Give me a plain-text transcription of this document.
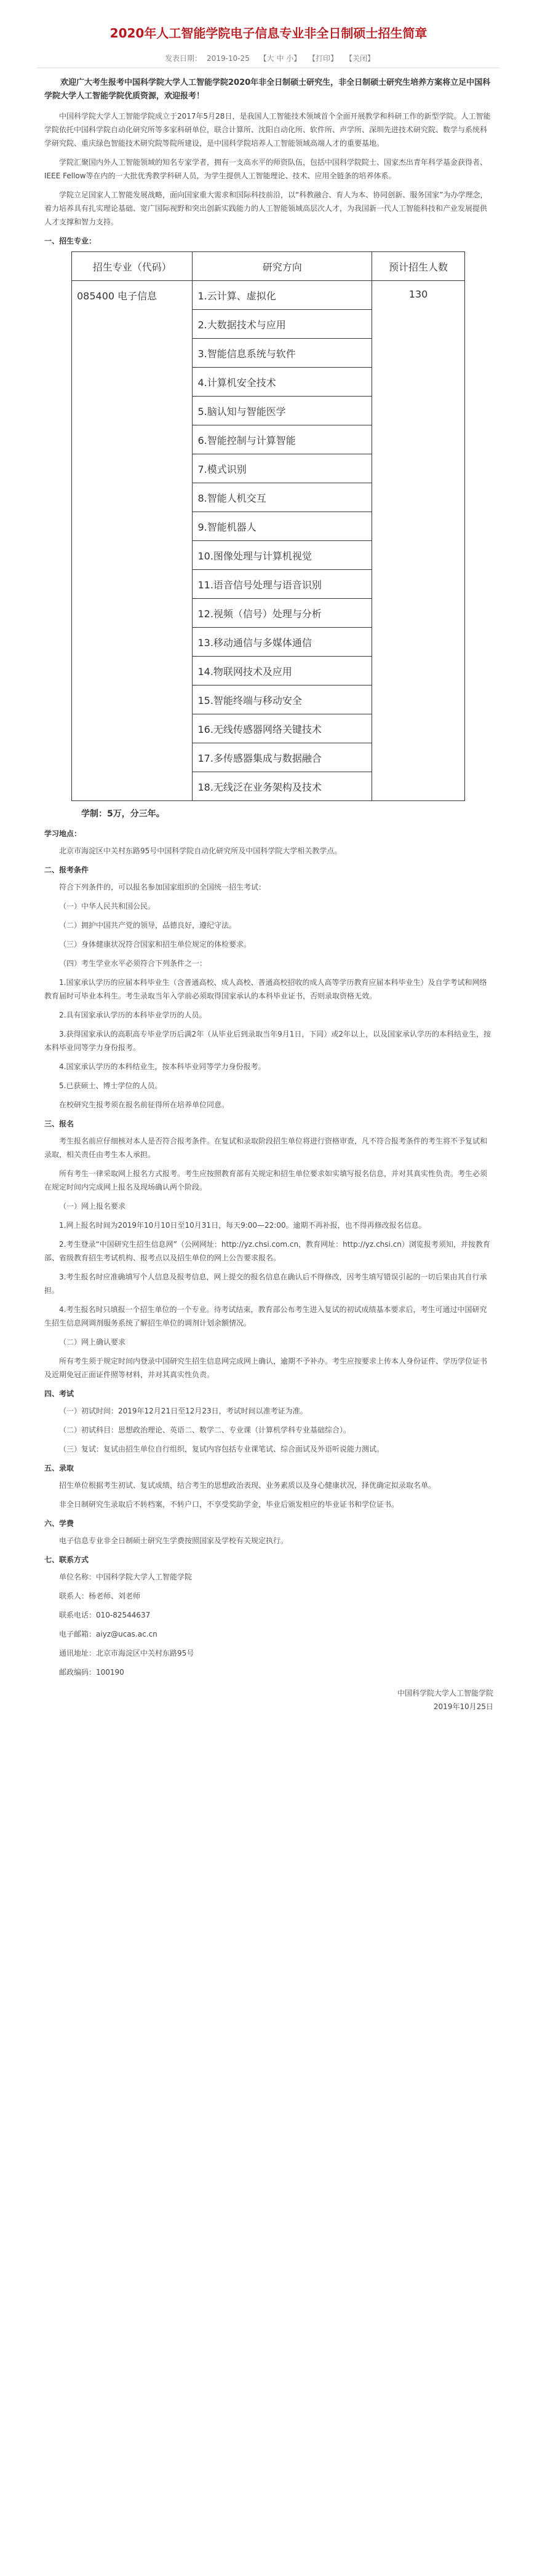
2020年人工智能学院电子信息专业非全日制硕士招生简章
发表日期： 2019-10-25 【大 中 小】 【打印】 【关闭】

欢迎广大考生报考中国科学院大学人工智能学院2020年非全日制硕士研究生，非全日制硕士研究生培养方案将立足中国科学院大学人工智能学院优质资源，欢迎报考！

中国科学院大学人工智能学院成立于2017年5月28日，是我国人工智能技术领域首个全面开展教学和科研工作的新型学院。人工智能学院依托中国科学院自动化研究所等多家科研单位，联合计算所、沈阳自动化所、软件所、声学所、深圳先进技术研究院、数学与系统科学研究院、重庆绿色智能技术研究院等院所建设，是中国科学院培养人工智能领域高端人才的重要基地。

学院汇聚国内外人工智能领域的知名专家学者，拥有一支高水平的师资队伍，包括中国科学院院士、国家杰出青年科学基金获得者、IEEE Fellow等在内的一大批优秀教学科研人员，为学生提供人工智能理论、技术、应用全链条的培养体系。

学院立足国家人工智能发展战略，面向国家重大需求和国际科技前沿，以“科教融合、育人为本、协同创新、服务国家”为办学理念，着力培养具有扎实理论基础、宽广国际视野和突出创新实践能力的人工智能领域高层次人才，为我国新一代人工智能科技和产业发展提供人才支撑和智力支持。

一、招生专业：

招生专业（代码）	研究方向	预计招生人数
085400 电子信息	1.云计算、虚拟化	130
	2.大数据技术与应用	
	3.智能信息系统与软件	
	4.计算机安全技术	
	5.脑认知与智能医学	
	6.智能控制与计算智能	
	7.模式识别	
	8.智能人机交互	
	9.智能机器人	
	10.图像处理与计算机视觉	
	11.语音信号处理与语音识别	
	12.视频（信号）处理与分析	
	13.移动通信与多媒体通信	
	14.物联网技术及应用	
	15.智能终端与移动安全	
	16.无线传感器网络关键技术	
	17.多传感器集成与数据融合	
	18.无线泛在业务架构及技术	
学制：5万，分三年。

学习地点：

北京市海淀区中关村东路95号中国科学院自动化研究所及中国科学院大学相关教学点。

二、报考条件

符合下列条件的，可以报名参加国家组织的全国统一招生考试：

（一）中华人民共和国公民。

（二）拥护中国共产党的领导，品德良好，遵纪守法。

（三）身体健康状况符合国家和招生单位规定的体检要求。

（四）考生学业水平必须符合下列条件之一：

1.国家承认学历的应届本科毕业生（含普通高校、成人高校、普通高校招收的成人高等学历教育应届本科毕业生）及自学考试和网络教育届时可毕业本科生。考生录取当年入学前必须取得国家承认的本科毕业证书，否则录取资格无效。

2.具有国家承认学历的本科毕业学历的人员。

3.获得国家承认的高职高专毕业学历后满2年（从毕业后到录取当年9月1日，下同）或2年以上，以及国家承认学历的本科结业生，按本科毕业同等学力身份报考。

4.国家承认学历的本科结业生，按本科毕业同等学力身份报考。

5.已获硕士、博士学位的人员。

在校研究生报考须在报名前征得所在培养单位同意。

三、报名

考生报名前应仔细核对本人是否符合报考条件。在复试和录取阶段招生单位将进行资格审查，凡不符合报考条件的考生将不予复试和录取，相关责任由考生本人承担。

所有考生一律采取网上报名方式报考。考生应按照教育部有关规定和招生单位要求如实填写报名信息，并对其真实性负责。考生必须在规定时间内完成网上报名及现场确认两个阶段。

（一）网上报名要求

1.网上报名时间为2019年10月10日至10月31日，每天9:00—22:00。逾期不再补报，也不得再修改报名信息。

2.考生登录“中国研究生招生信息网”（公网网址：http://yz.chsi.com.cn，教育网址：http://yz.chsi.cn）浏览报考须知，并按教育部、省级教育招生考试机构、报考点以及招生单位的网上公告要求报名。

3.考生报名时应准确填写个人信息及报考信息，网上提交的报名信息在确认后不得修改，因考生填写错误引起的一切后果由其自行承担。

4.考生报名时只填报一个招生单位的一个专业。待考试结束，教育部公布考生进入复试的初试成绩基本要求后，考生可通过中国研究生招生信息网调剂服务系统了解招生单位的调剂计划余额情况。

（二）网上确认要求

所有考生须于规定时间内登录中国研究生招生信息网完成网上确认，逾期不予补办。考生应按要求上传本人身份证件、学历学位证书及近期免冠正面证件照等材料，并对其真实性负责。

四、考试

（一）初试时间：2019年12月21日至12月23日，考试时间以准考证为准。

（二）初试科目：思想政治理论、英语二、数学二、专业课（计算机学科专业基础综合）。

（三）复试：复试由招生单位自行组织，复试内容包括专业课笔试、综合面试及外语听说能力测试。

五、录取

招生单位根据考生初试、复试成绩，结合考生的思想政治表现、业务素质以及身心健康状况，择优确定拟录取名单。

非全日制研究生录取后不转档案，不转户口，不享受奖助学金，毕业后颁发相应的毕业证书和学位证书。

六、学费

电子信息专业非全日制硕士研究生学费按照国家及学校有关规定执行。

七、联系方式

单位名称：中国科学院大学人工智能学院

联系人：杨老师、刘老师

联系电话：010-82544637

电子邮箱：aiyz@ucas.ac.cn

通讯地址：北京市海淀区中关村东路95号

邮政编码：100190

中国科学院大学人工智能学院
2019年10月25日
